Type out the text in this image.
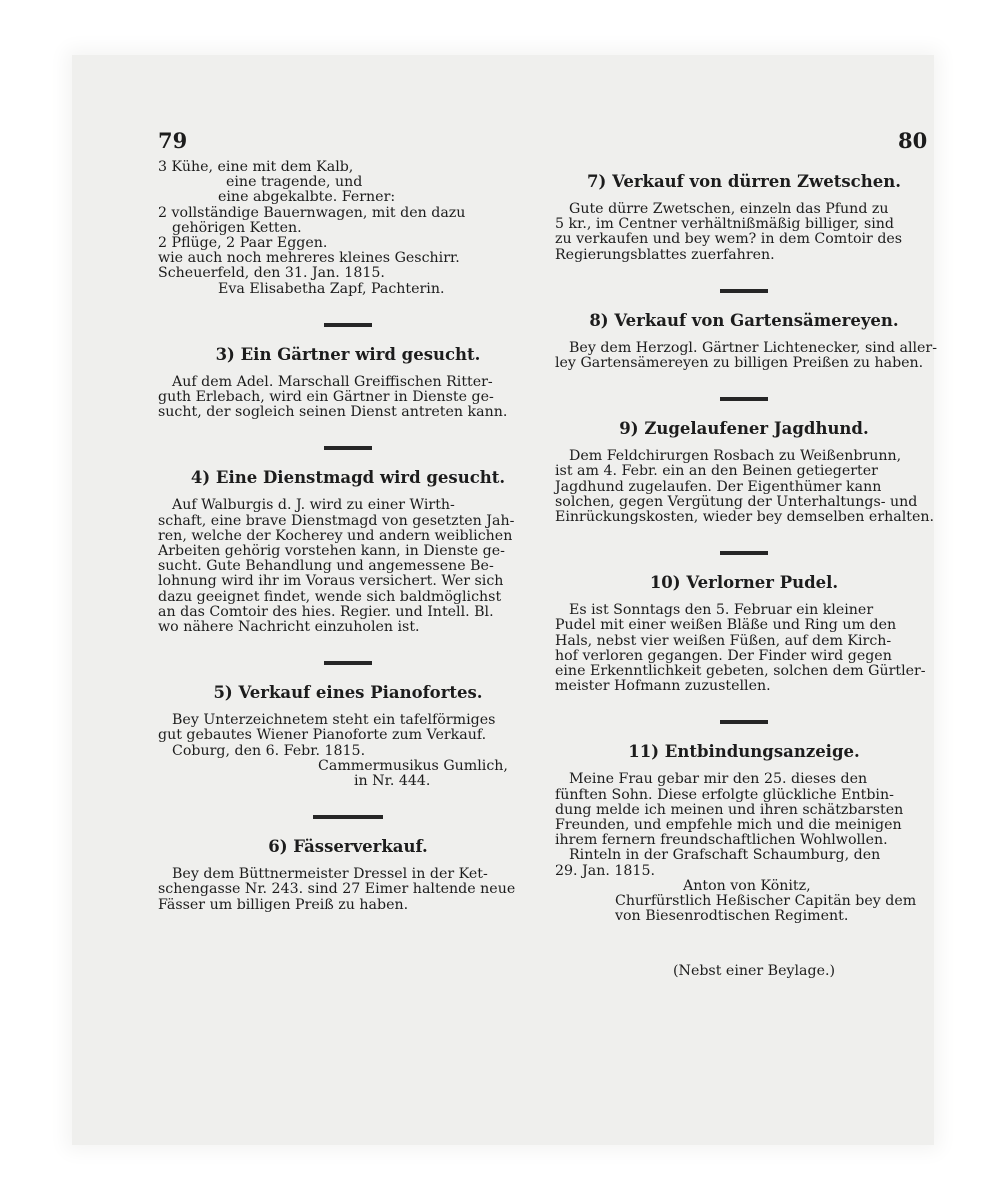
79	80
3 Kühe, eine mit dem Kalb,
eine tragende, und
eine abgekalbte. Ferner:
2 vollständige Bauernwagen, mit den dazu
gehörigen Ketten.
2 Pflüge, 2 Paar Eggen.
wie auch noch mehreres kleines Geschirr.
Scheuerfeld, den 31. Jan. 1815.
Eva Elisabetha Zapf, Pachterin.
3) Ein Gärtner wird gesucht.
Auf dem Adel. Marschall Greiffischen Ritter-
guth Erlebach, wird ein Gärtner in Dienste ge-
sucht, der sogleich seinen Dienst antreten kann.
4) Eine Dienstmagd wird gesucht.
Auf Walburgis d. J. wird zu einer Wirth-
schaft, eine brave Dienstmagd von gesetzten Jah-
ren, welche der Kocherey und andern weiblichen
Arbeiten gehörig vorstehen kann, in Dienste ge-
sucht. Gute Behandlung und angemessene Be-
lohnung wird ihr im Voraus versichert. Wer sich
dazu geeignet findet, wende sich baldmöglichst
an das Comtoir des hies. Regier. und Intell. Bl.
wo nähere Nachricht einzuholen ist.
5) Verkauf eines Pianofortes.
Bey Unterzeichnetem steht ein tafelförmiges
gut gebautes Wiener Pianoforte zum Verkauf.
Coburg, den 6. Febr. 1815.
Cammermusikus Gumlich,
in Nr. 444.
6) Fässerverkauf.
Bey dem Büttnermeister Dressel in der Ket-
schengasse Nr. 243. sind 27 Eimer haltende neue
Fässer um billigen Preiß zu haben.
7) Verkauf von dürren Zwetschen.
Gute dürre Zwetschen, einzeln das Pfund zu
5 kr., im Centner verhältnißmäßig billiger, sind
zu verkaufen und bey wem? in dem Comtoir des
Regierungsblattes zuerfahren.
8) Verkauf von Gartensämereyen.
Bey dem Herzogl. Gärtner Lichtenecker, sind aller-
ley Gartensämereyen zu billigen Preißen zu haben.
9) Zugelaufener Jagdhund.
Dem Feldchirurgen Rosbach zu Weißenbrunn,
ist am 4. Febr. ein an den Beinen getiegerter
Jagdhund zugelaufen. Der Eigenthümer kann
solchen, gegen Vergütung der Unterhaltungs- und
Einrückungskosten, wieder bey demselben erhalten.
10) Verlorner Pudel.
Es ist Sonntags den 5. Februar ein kleiner
Pudel mit einer weißen Bläße und Ring um den
Hals, nebst vier weißen Füßen, auf dem Kirch-
hof verloren gegangen. Der Finder wird gegen
eine Erkenntlichkeit gebeten, solchen dem Gürtler-
meister Hofmann zuzustellen.
11) Entbindungsanzeige.
Meine Frau gebar mir den 25. dieses den
fünften Sohn. Diese erfolgte glückliche Entbin-
dung melde ich meinen und ihren schätzbarsten
Freunden, und empfehle mich und die meinigen
ihrem fernern freundschaftlichen Wohlwollen.
Rinteln in der Grafschaft Schaumburg, den
29. Jan. 1815.
Anton von Könitz,
Churfürstlich Heßischer Capitän bey dem
von Biesenrodtischen Regiment.
(Nebst einer Beylage.)
